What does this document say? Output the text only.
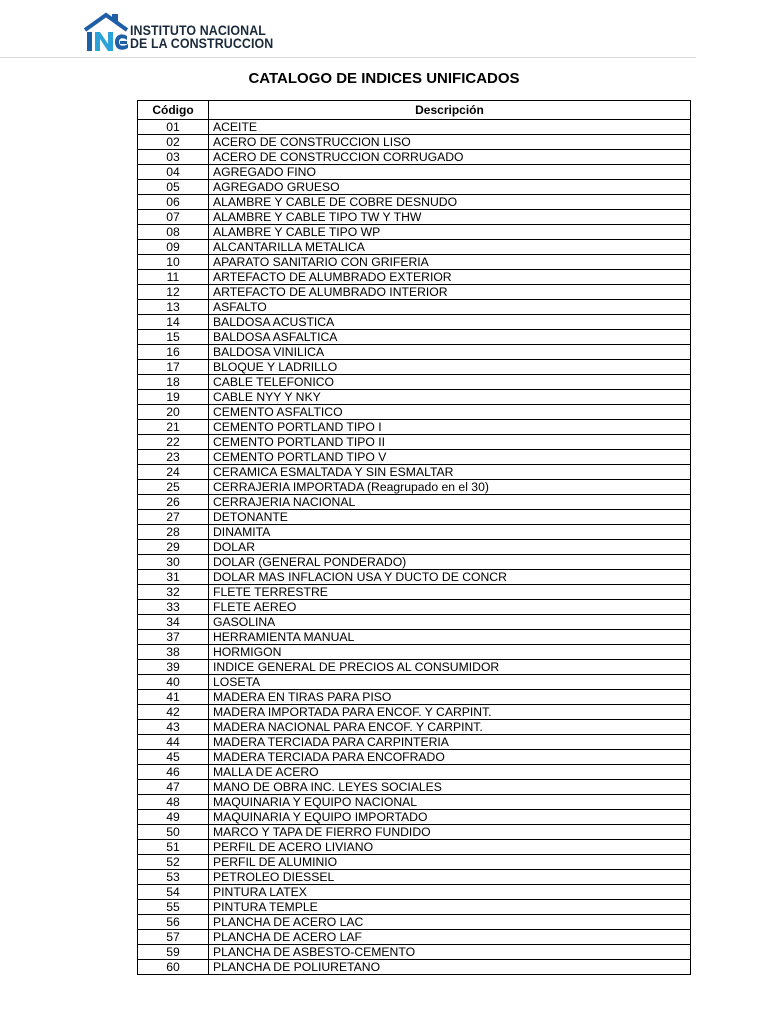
INSTITUTO NACIONAL
DE LA CONSTRUCCION
CATALOGO DE INDICES UNIFICADOS
Código	Descripción
01	ACEITE
02	ACERO DE CONSTRUCCION LISO
03	ACERO DE CONSTRUCCION CORRUGADO
04	AGREGADO FINO
05	AGREGADO GRUESO
06	ALAMBRE Y CABLE DE COBRE DESNUDO
07	ALAMBRE Y CABLE TIPO TW Y THW
08	ALAMBRE Y CABLE TIPO WP
09	ALCANTARILLA METALICA
10	APARATO SANITARIO CON GRIFERIA
11	ARTEFACTO DE ALUMBRADO EXTERIOR
12	ARTEFACTO DE ALUMBRADO INTERIOR
13	ASFALTO
14	BALDOSA ACUSTICA
15	BALDOSA ASFALTICA
16	BALDOSA VINILICA
17	BLOQUE Y LADRILLO
18	CABLE TELEFONICO
19	CABLE NYY Y NKY
20	CEMENTO ASFALTICO
21	CEMENTO PORTLAND TIPO I
22	CEMENTO PORTLAND TIPO II
23	CEMENTO PORTLAND TIPO V
24	CERAMICA ESMALTADA Y SIN ESMALTAR
25	CERRAJERIA IMPORTADA (Reagrupado en el 30)
26	CERRAJERIA NACIONAL
27	DETONANTE
28	DINAMITA
29	DOLAR
30	DOLAR (GENERAL PONDERADO)
31	DOLAR MAS INFLACION USA Y DUCTO DE CONCR
32	FLETE TERRESTRE
33	FLETE AEREO
34	GASOLINA
37	HERRAMIENTA MANUAL
38	HORMIGON
39	INDICE GENERAL DE PRECIOS AL CONSUMIDOR
40	LOSETA
41	MADERA EN TIRAS PARA PISO
42	MADERA IMPORTADA PARA ENCOF. Y CARPINT.
43	MADERA NACIONAL PARA ENCOF. Y CARPINT.
44	MADERA TERCIADA PARA CARPINTERIA
45	MADERA TERCIADA PARA ENCOFRADO
46	MALLA DE ACERO
47	MANO DE OBRA INC. LEYES SOCIALES
48	MAQUINARIA Y EQUIPO NACIONAL
49	MAQUINARIA Y EQUIPO IMPORTADO
50	MARCO Y TAPA DE FIERRO FUNDIDO
51	PERFIL DE ACERO LIVIANO
52	PERFIL DE ALUMINIO
53	PETROLEO DIESSEL
54	PINTURA LATEX
55	PINTURA TEMPLE
56	PLANCHA DE ACERO LAC
57	PLANCHA DE ACERO LAF
59	PLANCHA DE ASBESTO-CEMENTO
60	PLANCHA DE POLIURETANO
